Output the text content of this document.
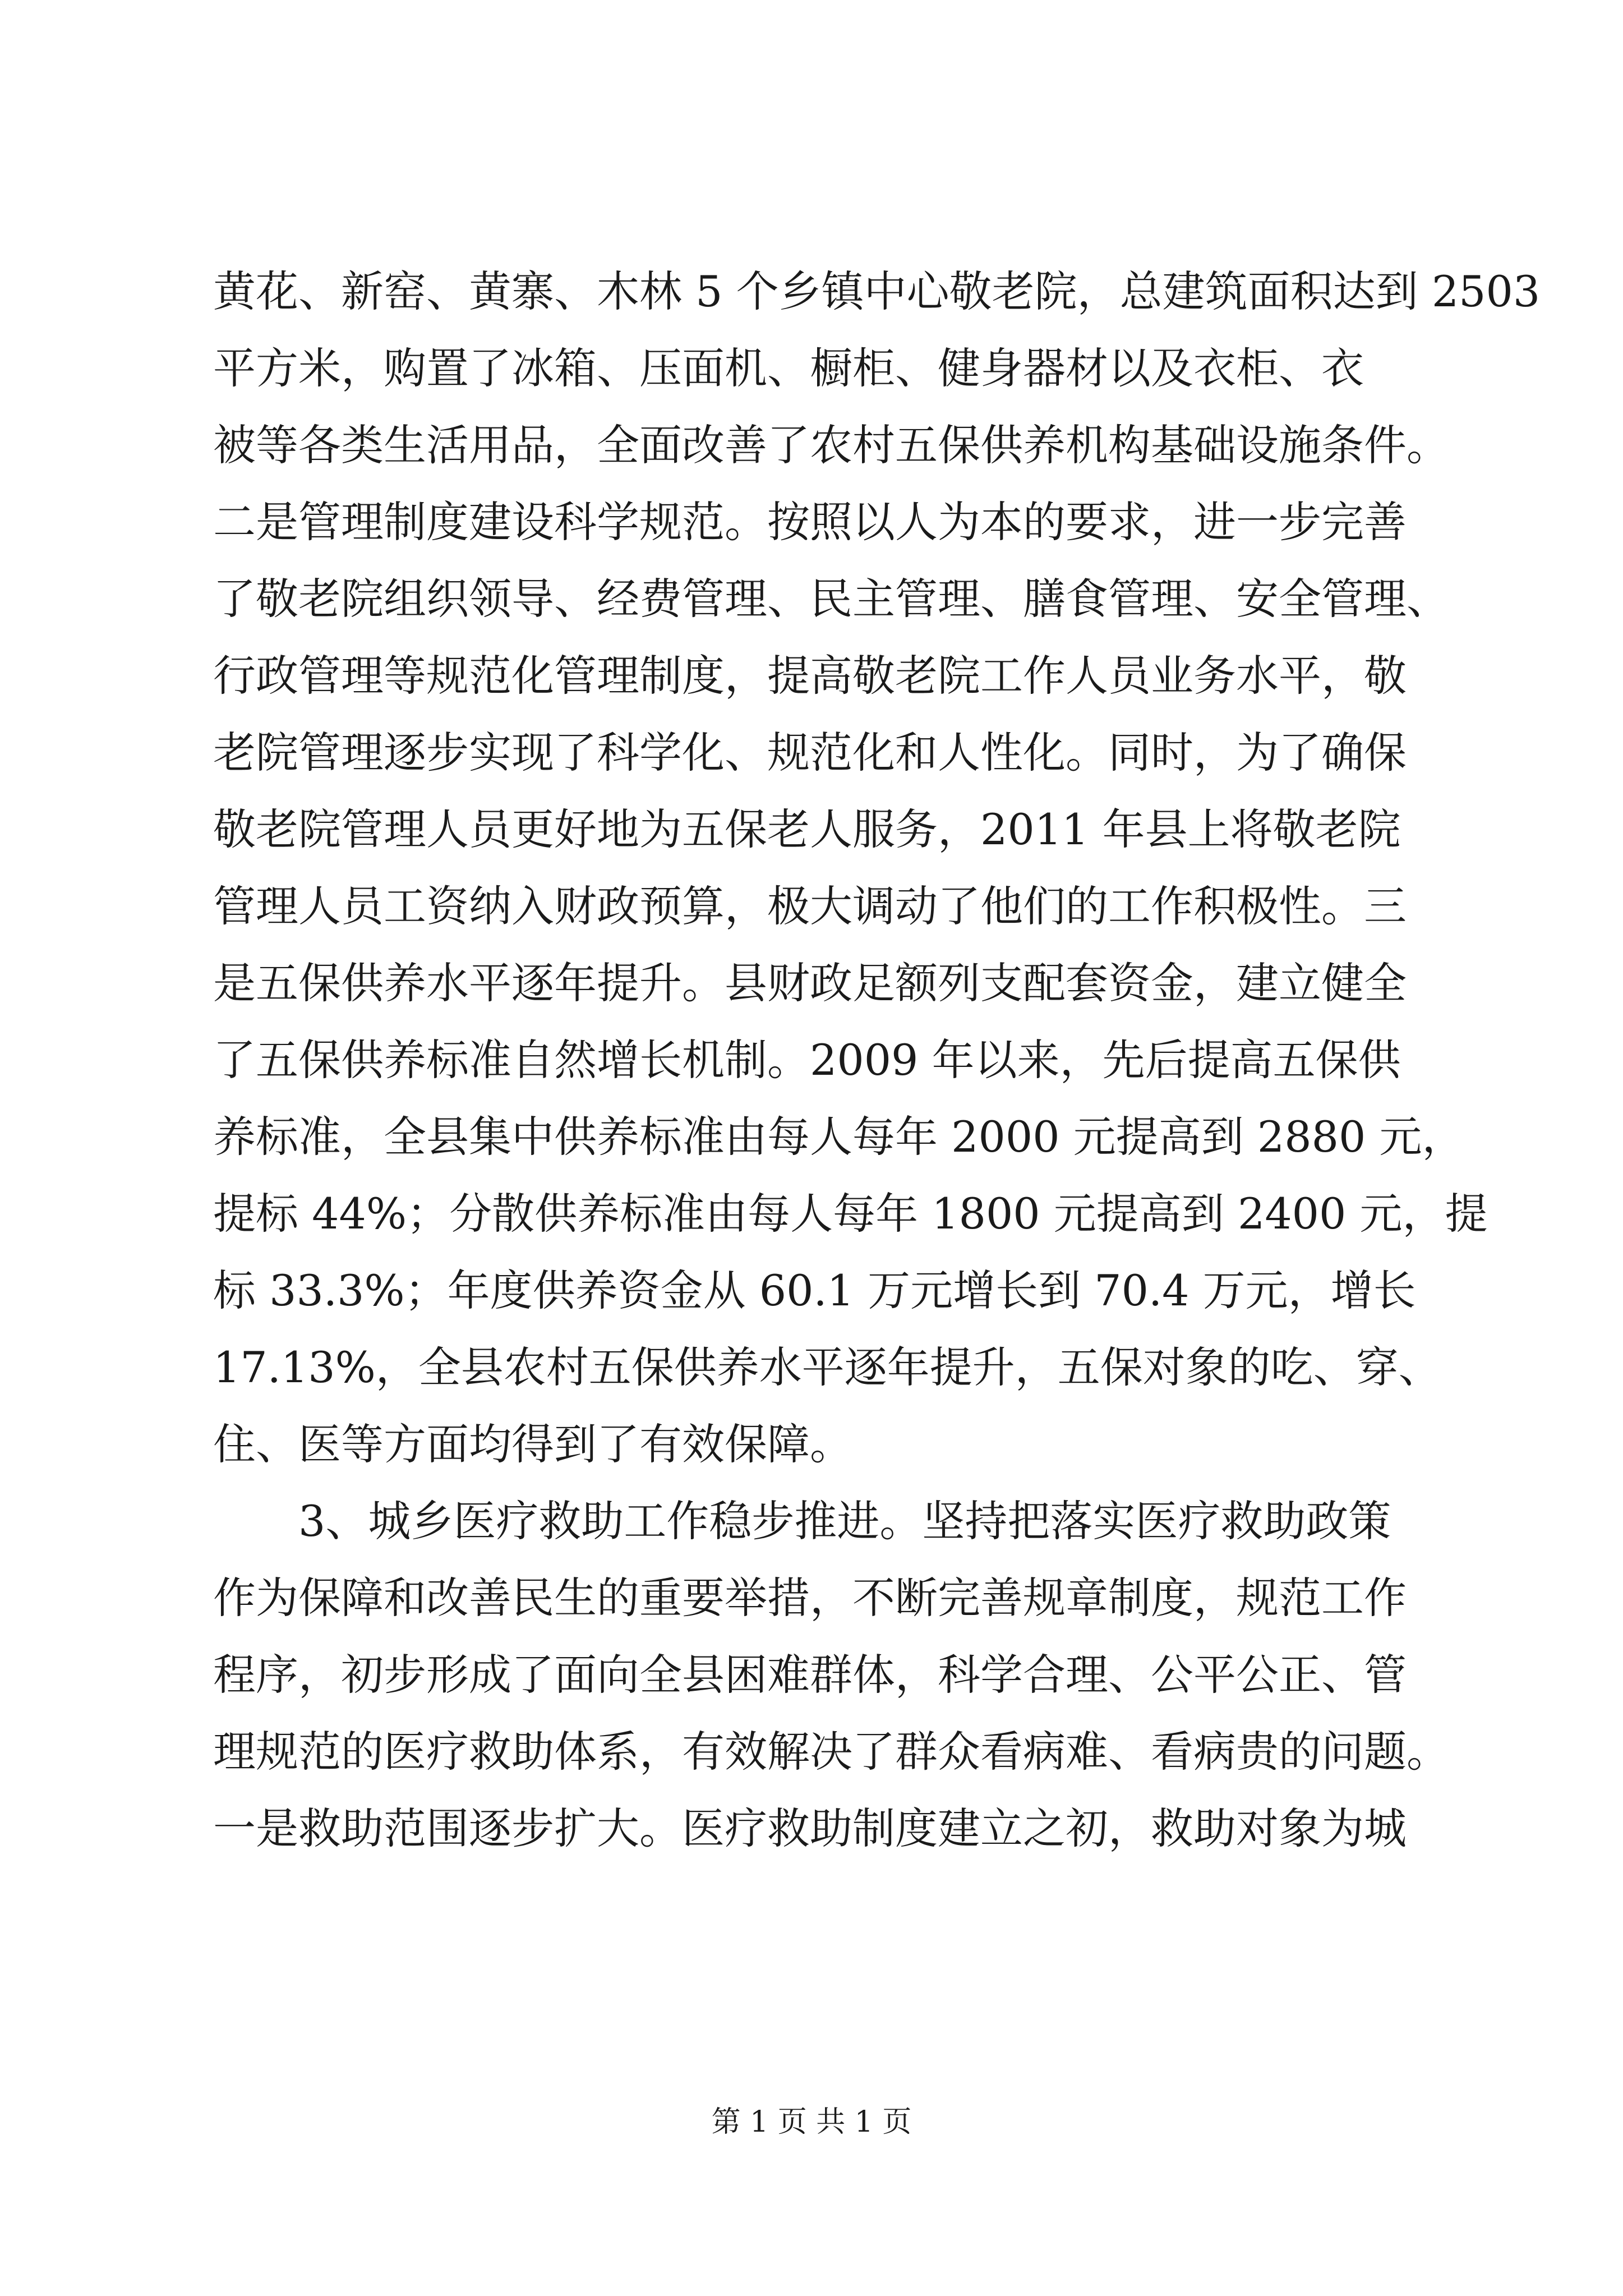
黄花、新窑、黄寨、木林 5 个乡镇中心敬老院，总建筑面积达到 2503
平方米，购置了冰箱、压面机、橱柜、健身器材以及衣柜、衣
被等各类生活用品，全面改善了农村五保供养机构基础设施条件。
二是管理制度建设科学规范。按照以人为本的要求，进一步完善
了敬老院组织领导、经费管理、民主管理、膳食管理、安全管理、
行政管理等规范化管理制度，提高敬老院工作人员业务水平，敬
老院管理逐步实现了科学化、规范化和人性化。同时，为了确保
敬老院管理人员更好地为五保老人服务，2011 年县上将敬老院
管理人员工资纳入财政预算，极大调动了他们的工作积极性。三
是五保供养水平逐年提升。县财政足额列支配套资金，建立健全
了五保供养标准自然增长机制。2009 年以来，先后提高五保供
养标准，全县集中供养标准由每人每年 2000 元提高到 2880 元，
提标 44%；分散供养标准由每人每年 1800 元提高到 2400 元，提
标 33.3%；年度供养资金从 60.1 万元增长到 70.4 万元，增长
17.13%，全县农村五保供养水平逐年提升，五保对象的吃、穿、
住、医等方面均得到了有效保障。
3、城乡医疗救助工作稳步推进。坚持把落实医疗救助政策
作为保障和改善民生的重要举措，不断完善规章制度，规范工作
程序，初步形成了面向全县困难群体，科学合理、公平公正、管
理规范的医疗救助体系，有效解决了群众看病难、看病贵的问题。
一是救助范围逐步扩大。医疗救助制度建立之初，救助对象为城
第 1 页 共 1 页
